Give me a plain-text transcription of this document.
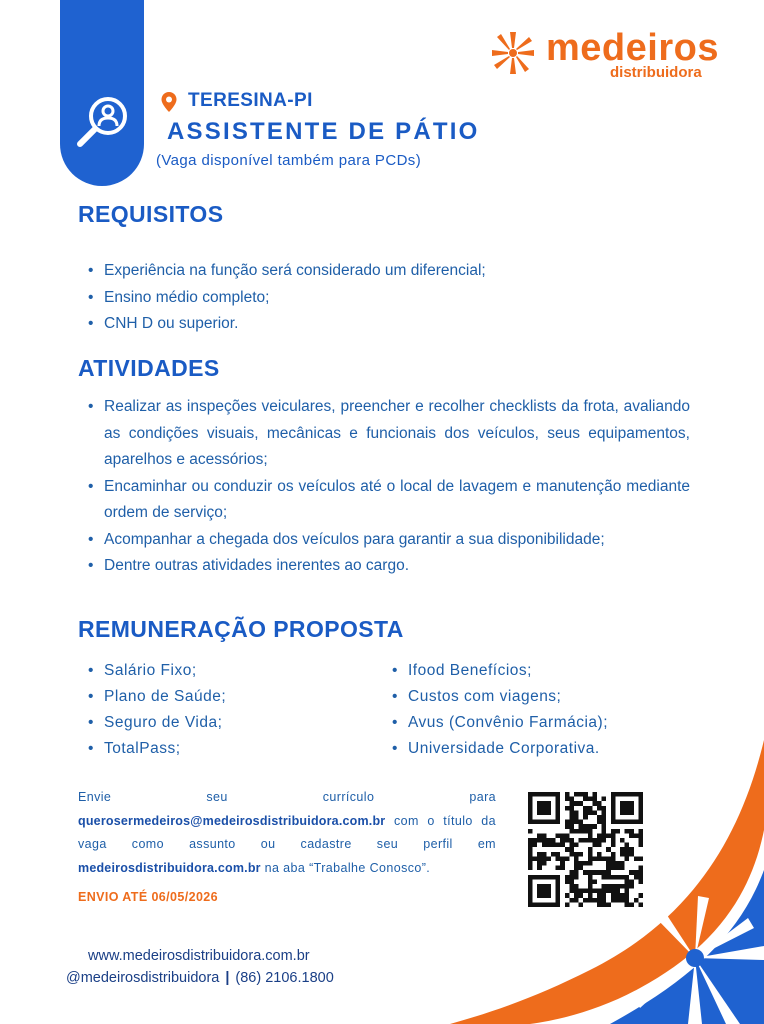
medeiros
distribuidora
TERESINA-PI
ASSISTENTE DE PÁTIO
(Vaga disponível também para PCDs)
REQUISITOS
• Experiência na função será considerado um diferencial;
• Ensino médio completo;
• CNH D ou superior.
ATIVIDADES
• Realizar as inspeções veiculares, preencher e recolher checklists da frota, avaliando as condições visuais, mecânicas e funcionais dos veículos, seus equipamentos, aparelhos e acessórios;
• Encaminhar ou conduzir os veículos até o local de lavagem e manutenção mediante ordem de serviço;
• Acompanhar a chegada dos veículos para garantir a sua disponibilidade;
• Dentre outras atividades inerentes ao cargo.
REMUNERAÇÃO PROPOSTA
• Salário Fixo;
• Plano de Saúde;
• Seguro de Vida;
• TotalPass;
• Ifood Benefícios;
• Custos com viagens;
• Avus (Convênio Farmácia);
• Universidade Corporativa.

Envie seu currículo para querosermedeiros@medeirosdistribuidora.com.br com o título da vaga como assunto ou cadastre seu perfil em medeirosdistribuidora.com.br na aba “Trabalhe Conosco”.

ENVIO ATÉ 06/05/2026
www.medeirosdistribuidora.com.br
@medeirosdistribuidora | (86) 2106.1800
